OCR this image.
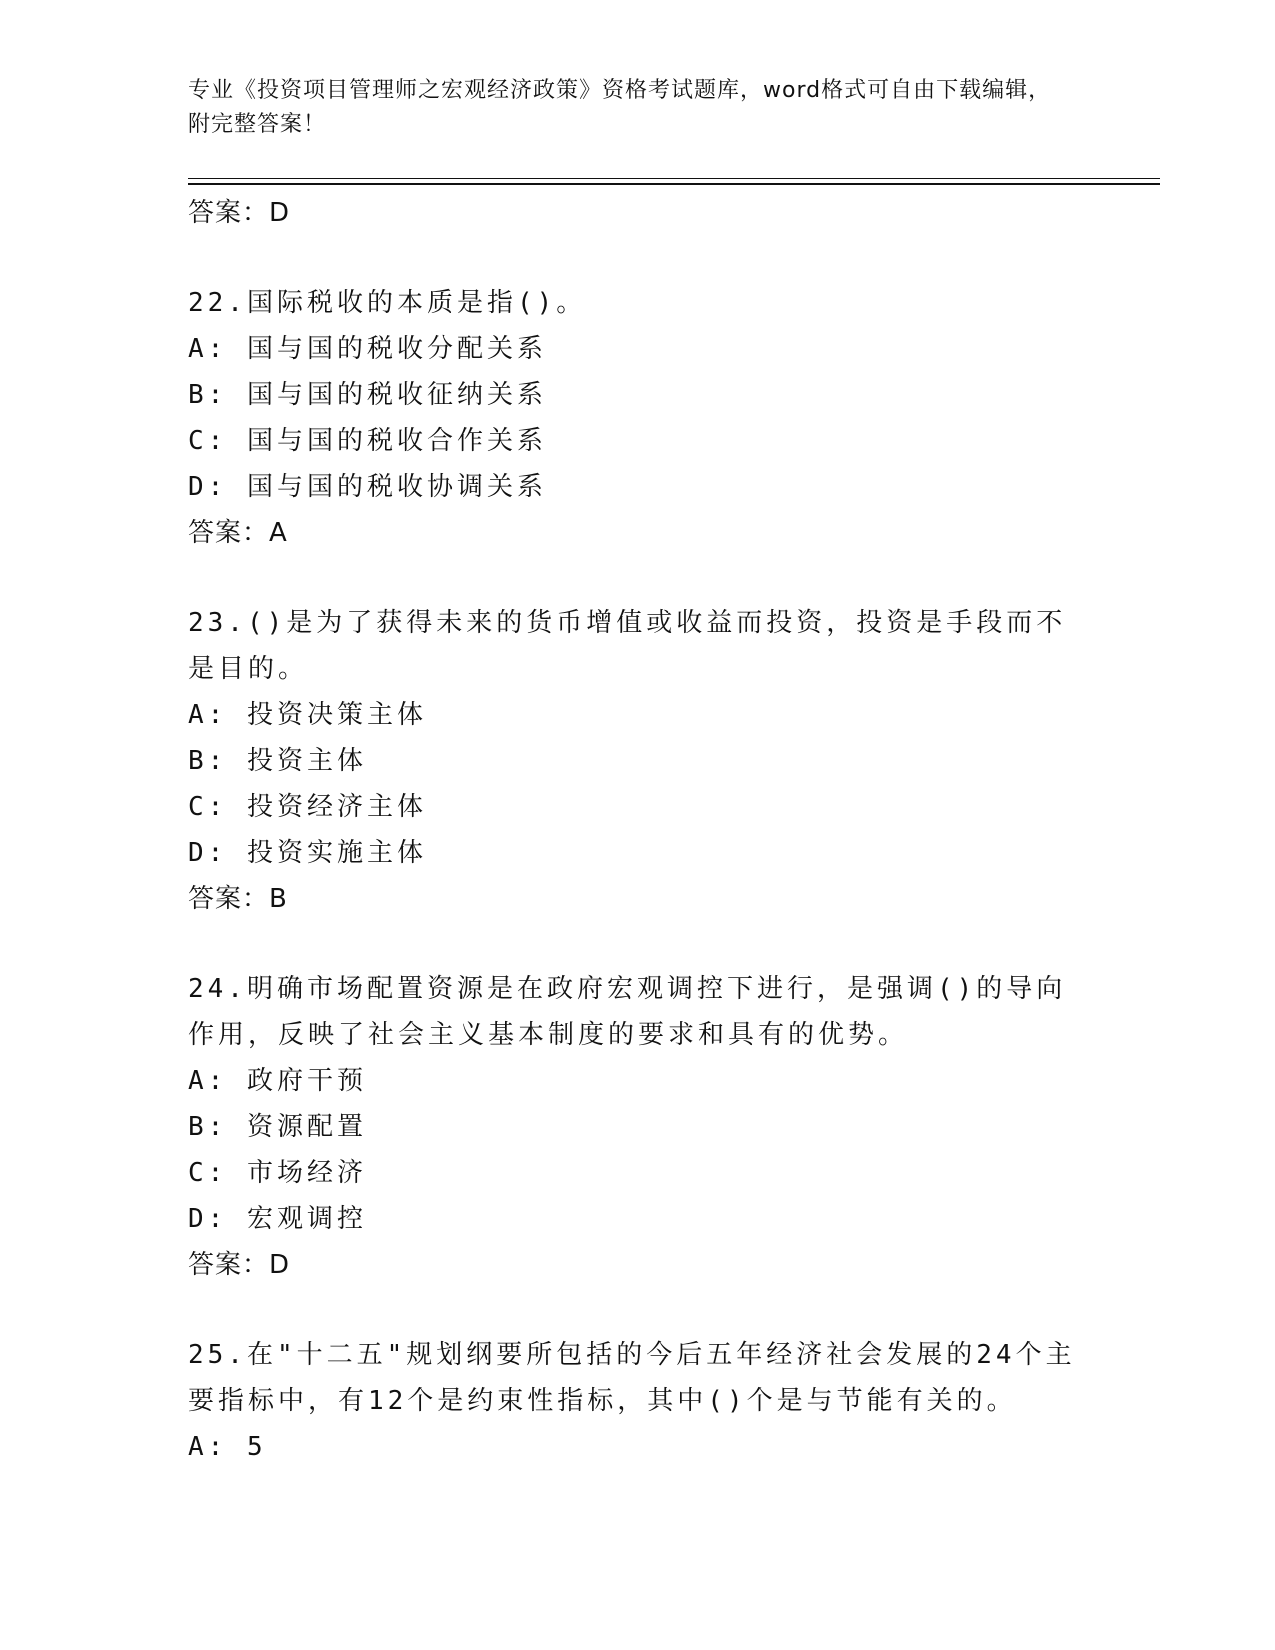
专业《投资项目管理师之宏观经济政策》资格考试题库，word格式可自由下载编辑，附完整答案！
答案：D
22.国际税收的本质是指()。
A: 国与国的税收分配关系
B: 国与国的税收征纳关系
C: 国与国的税收合作关系
D: 国与国的税收协调关系
答案：A
23.()是为了获得未来的货币增值或收益而投资，投资是手段而不是目的。
A: 投资决策主体
B: 投资主体
C: 投资经济主体
D: 投资实施主体
答案：B
24.明确市场配置资源是在政府宏观调控下进行，是强调()的导向作用，反映了社会主义基本制度的要求和具有的优势。
A: 政府干预
B: 资源配置
C: 市场经济
D: 宏观调控
答案：D
25.在"十二五"规划纲要所包括的今后五年经济社会发展的24个主要指标中，有12个是约束性指标，其中()个是与节能有关的。
A: 5
